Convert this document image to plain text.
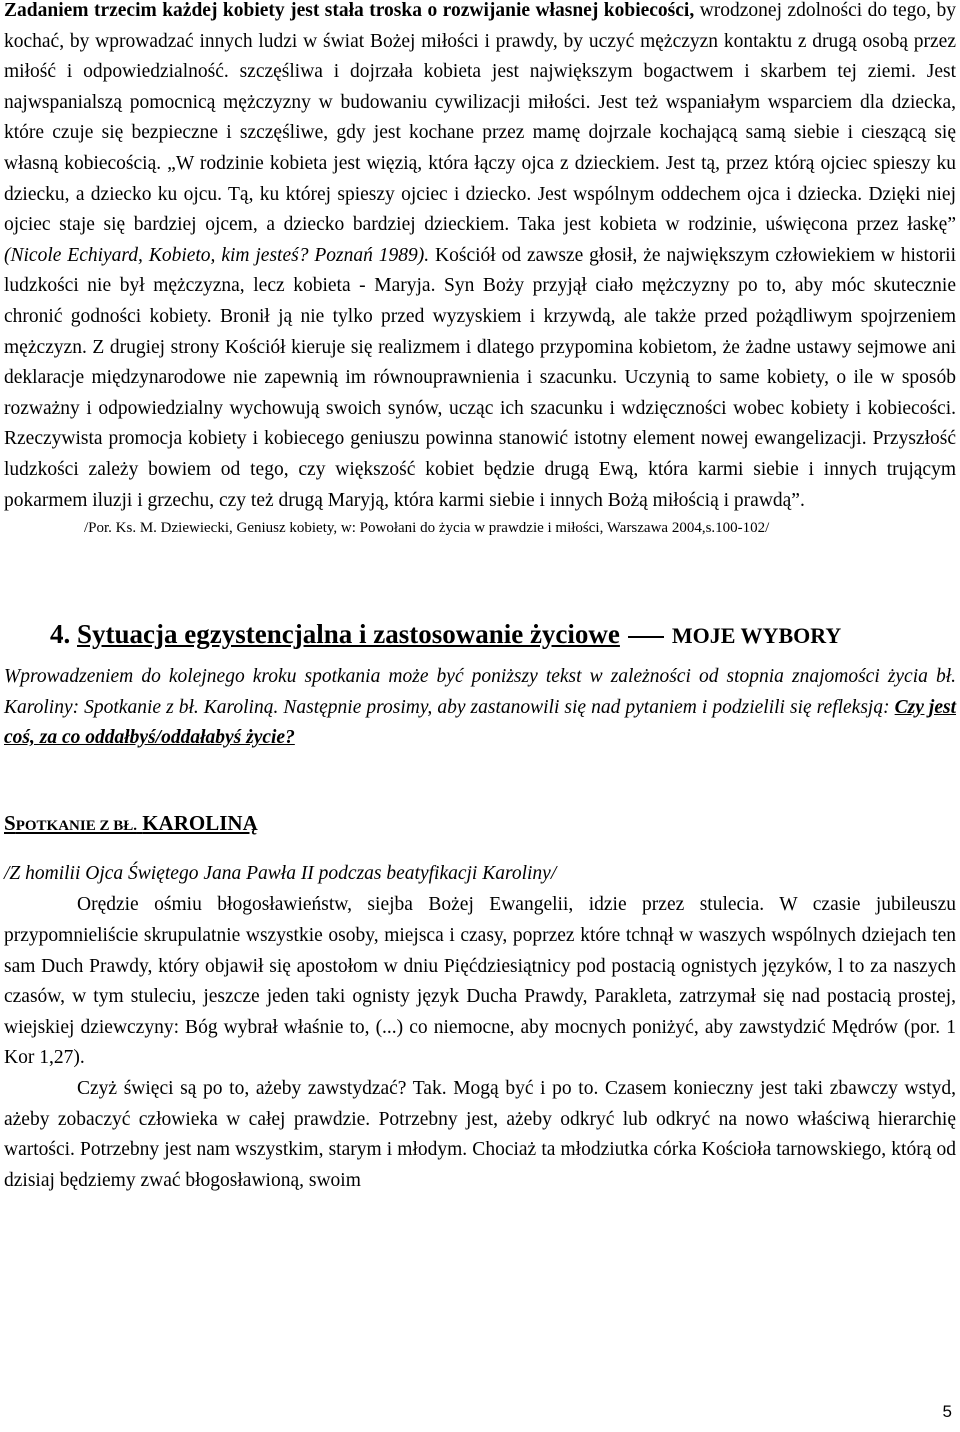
Zadaniem trzecim każdej kobiety jest stała troska o rozwijanie własnej kobiecości, wrodzonej zdolności do tego, by kochać, by wprowadzać innych ludzi w świat Bożej miłości i prawdy, by uczyć mężczyzn kontaktu z drugą osobą przez miłość i odpowiedzialność. szczęśliwa i dojrzała kobieta jest największym bogactwem i skarbem tej ziemi. Jest najwspanialszą pomocnicą mężczyzny w budowaniu cywilizacji miłości. Jest też wspaniałym wsparciem dla dziecka, które czuje się bezpieczne i szczęśliwe, gdy jest kochane przez mamę dojrzale kochającą samą siebie i cieszącą się własną kobiecością. „W rodzinie kobieta jest więzią, która łączy ojca z dzieckiem. Jest tą, przez którą ojciec spieszy ku dziecku, a dziecko ku ojcu. Tą, ku której spieszy ojciec i dziecko. Jest wspólnym oddechem ojca i dziecka. Dzięki niej ojciec staje się bardziej ojcem, a dziecko bardziej dzieckiem. Taka jest kobieta w rodzinie, uświęcona przez łaskę” (Nicole Echiyard, Kobieto, kim jesteś? Poznań 1989). Kościół od zawsze głosił, że największym człowiekiem w historii ludzkości nie był mężczyzna, lecz kobieta - Maryja. Syn Boży przyjął ciało mężczyzny po to, aby móc skutecznie chronić godności kobiety. Bronił ją nie tylko przed wyzyskiem i krzywdą, ale także przed pożądliwym spojrzeniem mężczyzn. Z drugiej strony Kościół kieruje się realizmem i dlatego przypomina kobietom, że żadne ustawy sejmowe ani deklaracje międzynarodowe nie zapewnią im równouprawnienia i szacunku. Uczynią to same kobiety, o ile w sposób rozważny i odpowiedzialny wychowują swoich synów, ucząc ich szacunku i wdzięczności wobec kobiety i kobiecości. Rzeczywista promocja kobiety i kobiecego geniuszu powinna stanowić istotny element nowej ewangelizacji. Przyszłość ludzkości zależy bowiem od tego, czy większość kobiet będzie drugą Ewą, która karmi siebie i innych trującym pokarmem iluzji i grzechu, czy też drugą Maryją, która karmi siebie i innych Bożą miłością i prawdą”.

/Por. Ks. M. Dziewiecki, Geniusz kobiety, w: Powołani do życia w prawdzie i miłości, Warszawa 2004,s.100-102/

4. Sytuacja egzystencjalna i zastosowanie życiowe MOJE WYBORY

Wprowadzeniem do kolejnego kroku spotkania może być poniższy tekst w zależności od stopnia znajomości życia bł. Karoliny: Spotkanie z bł. Karoliną. Następnie prosimy, aby zastanowili się nad pytaniem i podzielili się refleksją: Czy jest coś, za co oddałbyś/oddałabyś życie?

SPOTKANIE Z BŁ. KAROLINĄ

/Z homilii Ojca Świętego Jana Pawła II podczas beatyfikacji Karoliny/

Orędzie ośmiu błogosławieństw, siejba Bożej Ewangelii, idzie przez stulecia. W czasie jubileuszu przypomnieliście skrupulatnie wszystkie osoby, miejsca i czasy, poprzez które tchnął w waszych wspólnych dziejach ten sam Duch Prawdy, który objawił się apostołom w dniu Pięćdziesiątnicy pod postacią ognistych języków, l to za naszych czasów, w tym stuleciu, jeszcze jeden taki ognisty język Ducha Prawdy, Parakleta, zatrzymał się nad postacią prostej, wiejskiej dziewczyny: Bóg wybrał właśnie to, (...) co niemocne, aby mocnych poniżyć, aby zawstydzić Mędrów (por. 1 Kor 1,27).

Czyż święci są po to, ażeby zawstydzać? Tak. Mogą być i po to. Czasem konieczny jest taki zbawczy wstyd, ażeby zobaczyć człowieka w całej prawdzie. Potrzebny jest, ażeby odkryć lub odkryć na nowo właściwą hierarchię wartości. Potrzebny jest nam wszystkim, starym i młodym. Chociaż ta młodziutka córka Kościoła tarnowskiego, którą od dzisiaj będziemy zwać błogosławioną, swoim

5
